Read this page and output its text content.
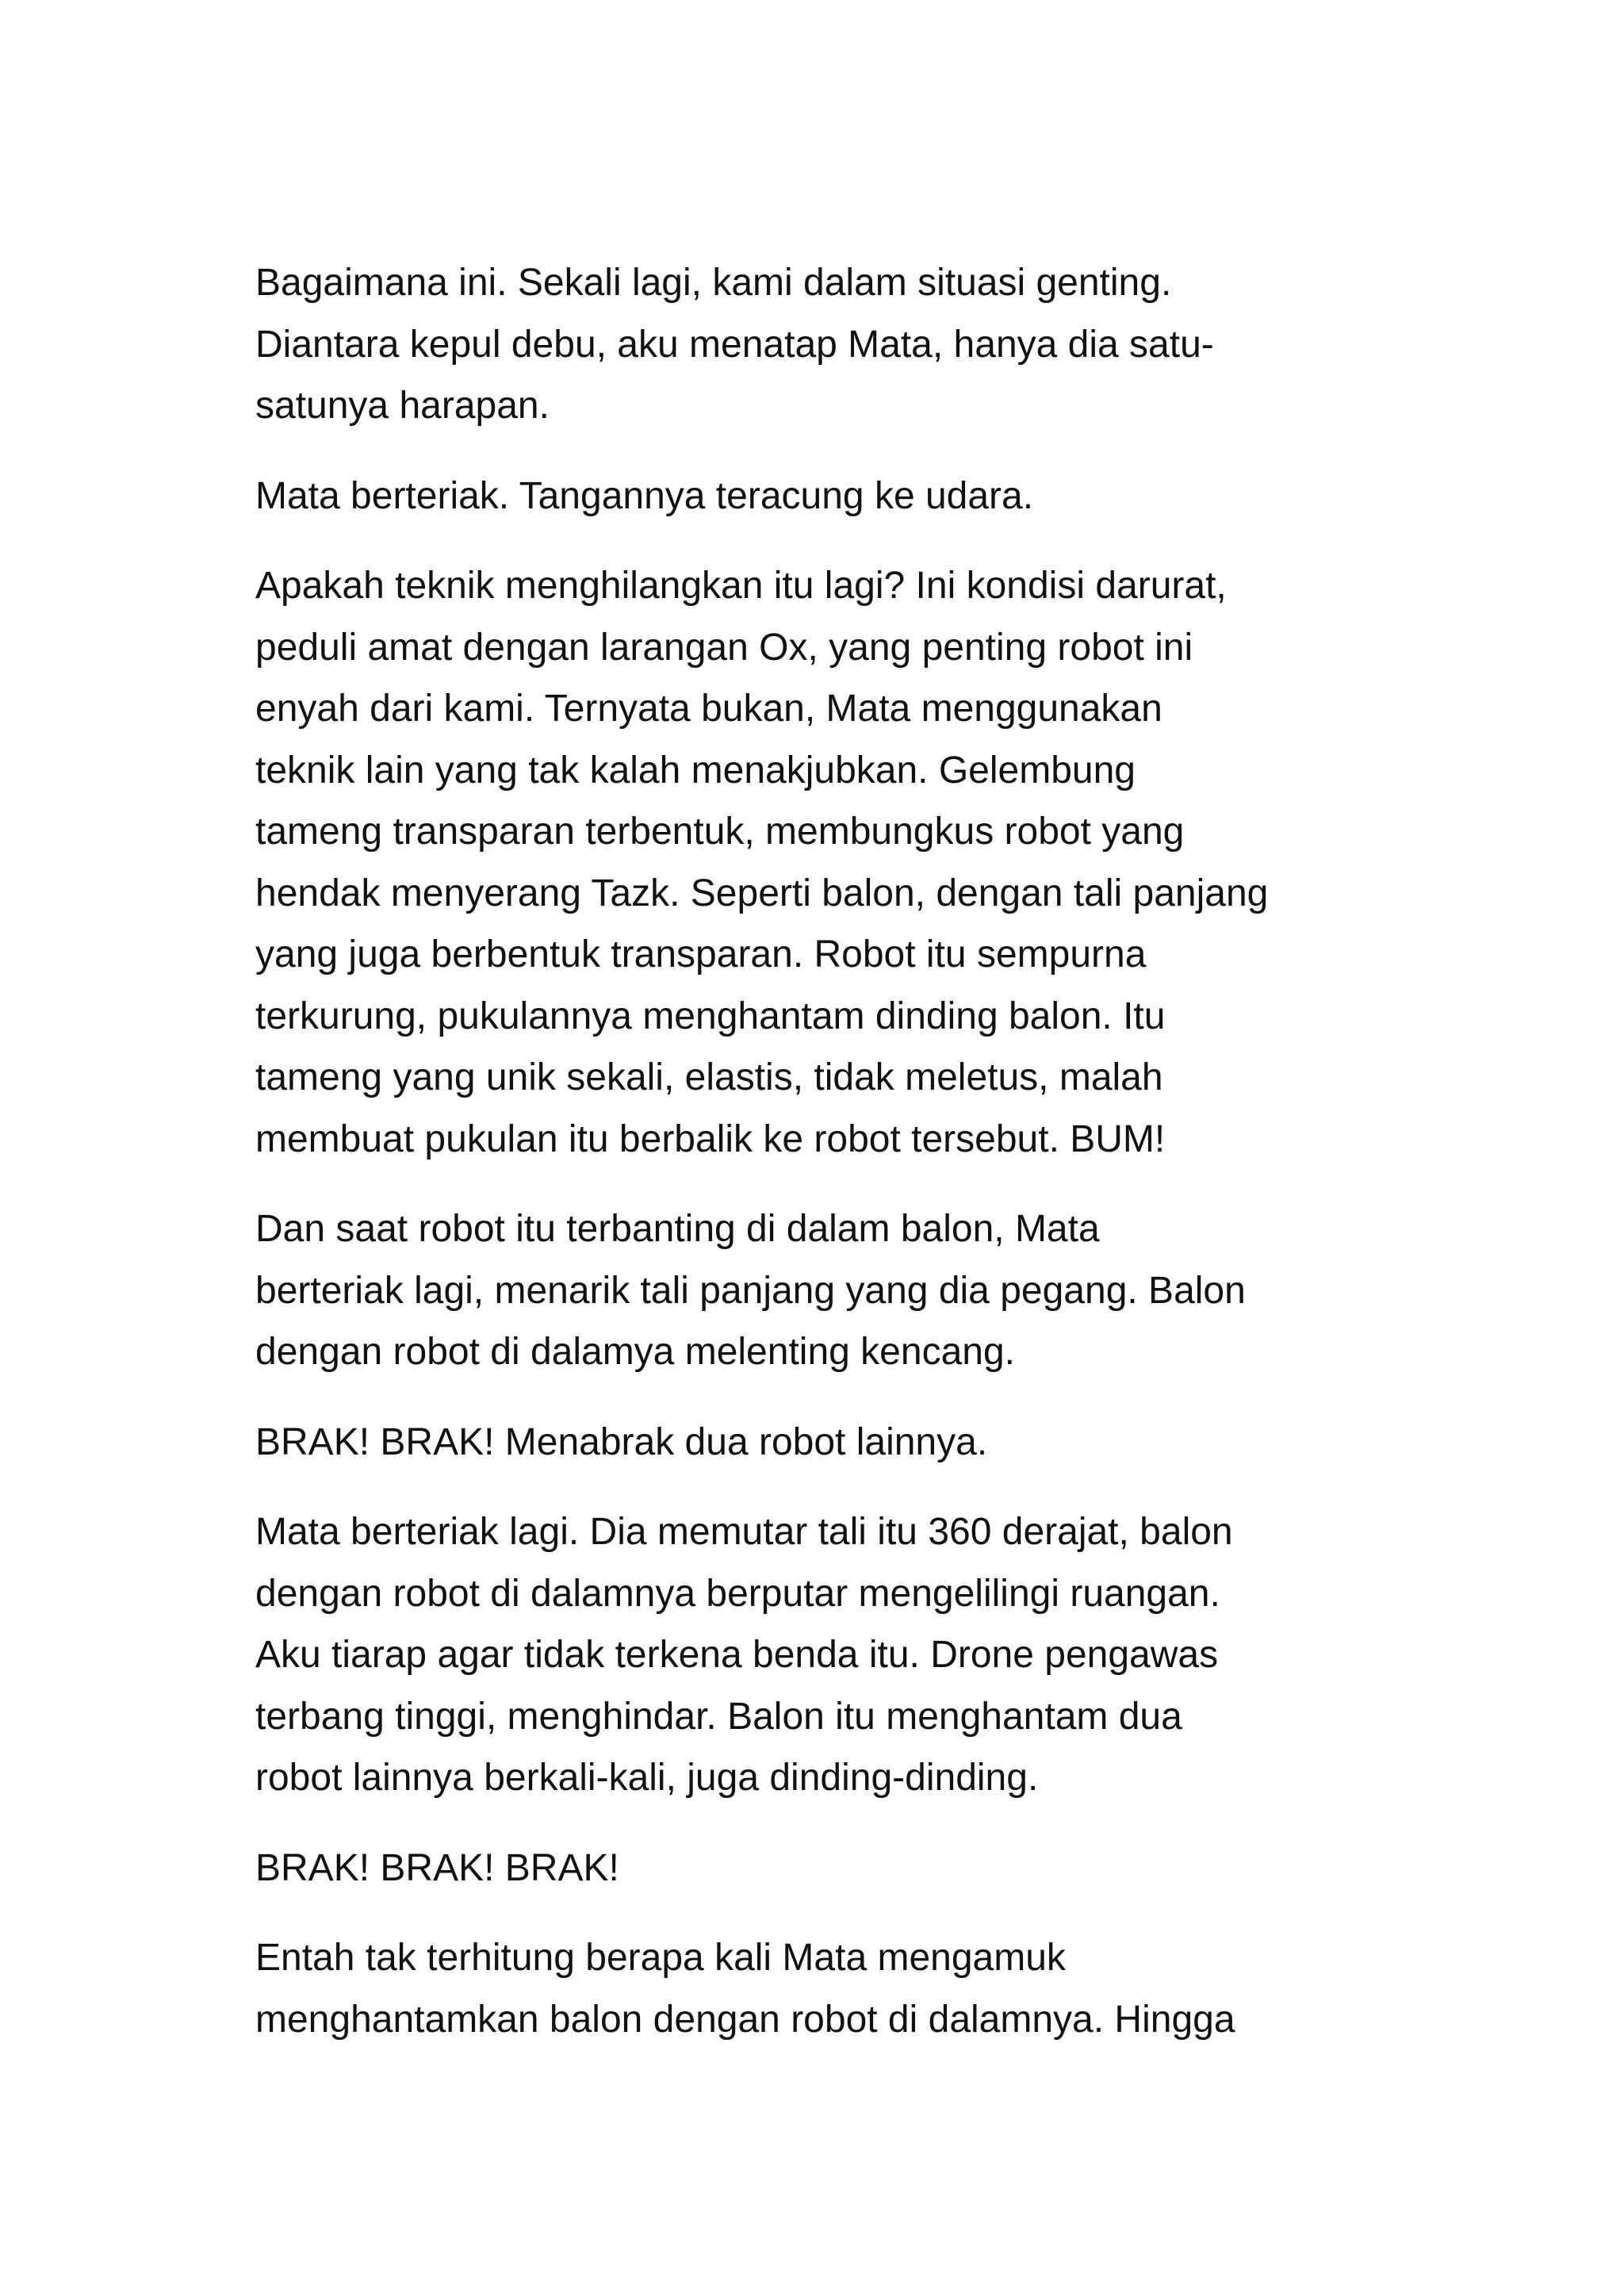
Bagaimana ini. Sekali lagi, kami dalam situasi genting.
Diantara kepul debu, aku menatap Mata, hanya dia satu-
satunya harapan.

Mata berteriak. Tangannya teracung ke udara.

Apakah teknik menghilangkan itu lagi? Ini kondisi darurat,
peduli amat dengan larangan Ox, yang penting robot ini
enyah dari kami. Ternyata bukan, Mata menggunakan
teknik lain yang tak kalah menakjubkan. Gelembung
tameng transparan terbentuk, membungkus robot yang
hendak menyerang Tazk. Seperti balon, dengan tali panjang
yang juga berbentuk transparan. Robot itu sempurna
terkurung, pukulannya menghantam dinding balon. Itu
tameng yang unik sekali, elastis, tidak meletus, malah
membuat pukulan itu berbalik ke robot tersebut. BUM!

Dan saat robot itu terbanting di dalam balon, Mata
berteriak lagi, menarik tali panjang yang dia pegang. Balon
dengan robot di dalamya melenting kencang.

BRAK! BRAK! Menabrak dua robot lainnya.

Mata berteriak lagi. Dia memutar tali itu 360 derajat, balon
dengan robot di dalamnya berputar mengelilingi ruangan.
Aku tiarap agar tidak terkena benda itu. Drone pengawas
terbang tinggi, menghindar. Balon itu menghantam dua
robot lainnya berkali-kali, juga dinding-dinding.

BRAK! BRAK! BRAK!

Entah tak terhitung berapa kali Mata mengamuk
menghantamkan balon dengan robot di dalamnya. Hingga
